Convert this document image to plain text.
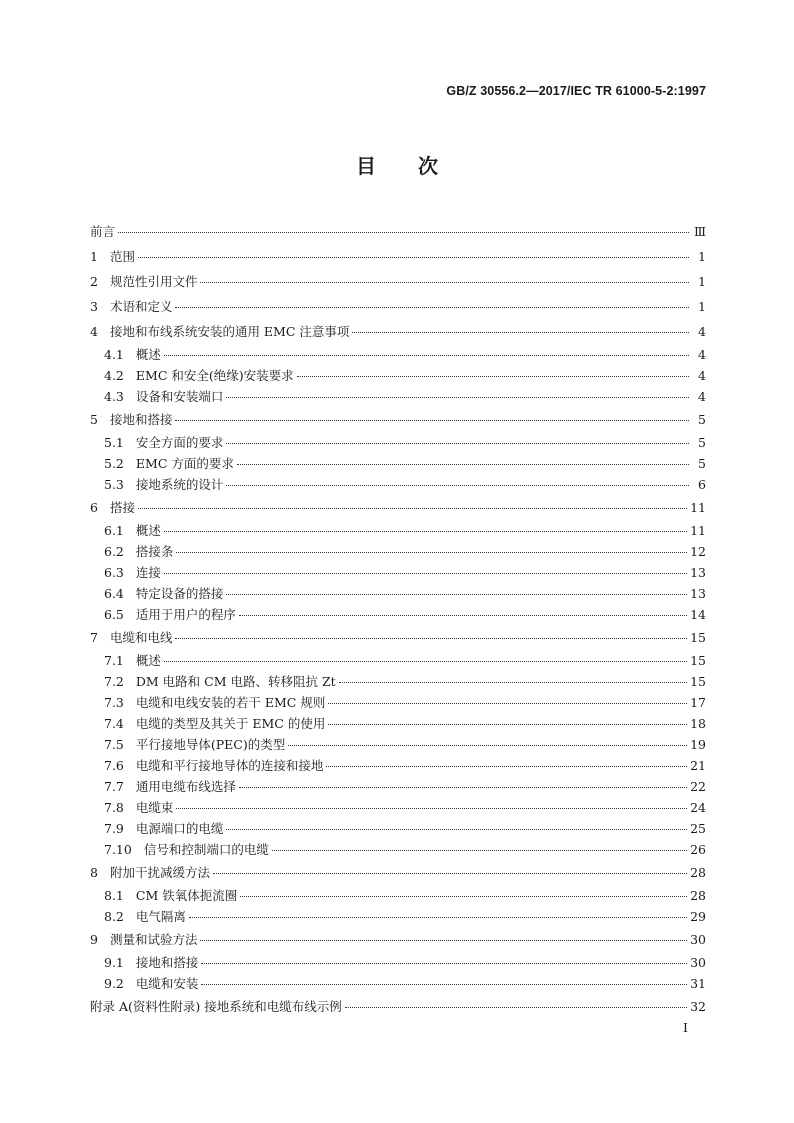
GB/Z 30556.2—2017/IEC TR 61000-5-2:1997
目 次
前言	Ⅲ
1 范围	1
2 规范性引用文件	1
3 术语和定义	1
4 接地和布线系统安装的通用 EMC 注意事项	4
4.1 概述	4
4.2 EMC 和安全(绝缘)安装要求	4
4.3 设备和安装端口	4
5 接地和搭接	5
5.1 安全方面的要求	5
5.2 EMC 方面的要求	5
5.3 接地系统的设计	6
6 搭接	11
6.1 概述	11
6.2 搭接条	12
6.3 连接	13
6.4 特定设备的搭接	13
6.5 适用于用户的程序	14
7 电缆和电线	15
7.1 概述	15
7.2 DM 电路和 CM 电路、转移阻抗 Zt	15
7.3 电缆和电线安装的若干 EMC 规则	17
7.4 电缆的类型及其关于 EMC 的使用	18
7.5 平行接地导体(PEC)的类型	19
7.6 电缆和平行接地导体的连接和接地	21
7.7 通用电缆布线选择	22
7.8 电缆束	24
7.9 电源端口的电缆	25
7.10 信号和控制端口的电缆	26
8 附加干扰减缓方法	28
8.1 CM 铁氧体扼流圈	28
8.2 电气隔离	29
9 测量和试验方法	30
9.1 接地和搭接	30
9.2 电缆和安装	31
附录 A(资料性附录) 接地系统和电缆布线示例	32
I
